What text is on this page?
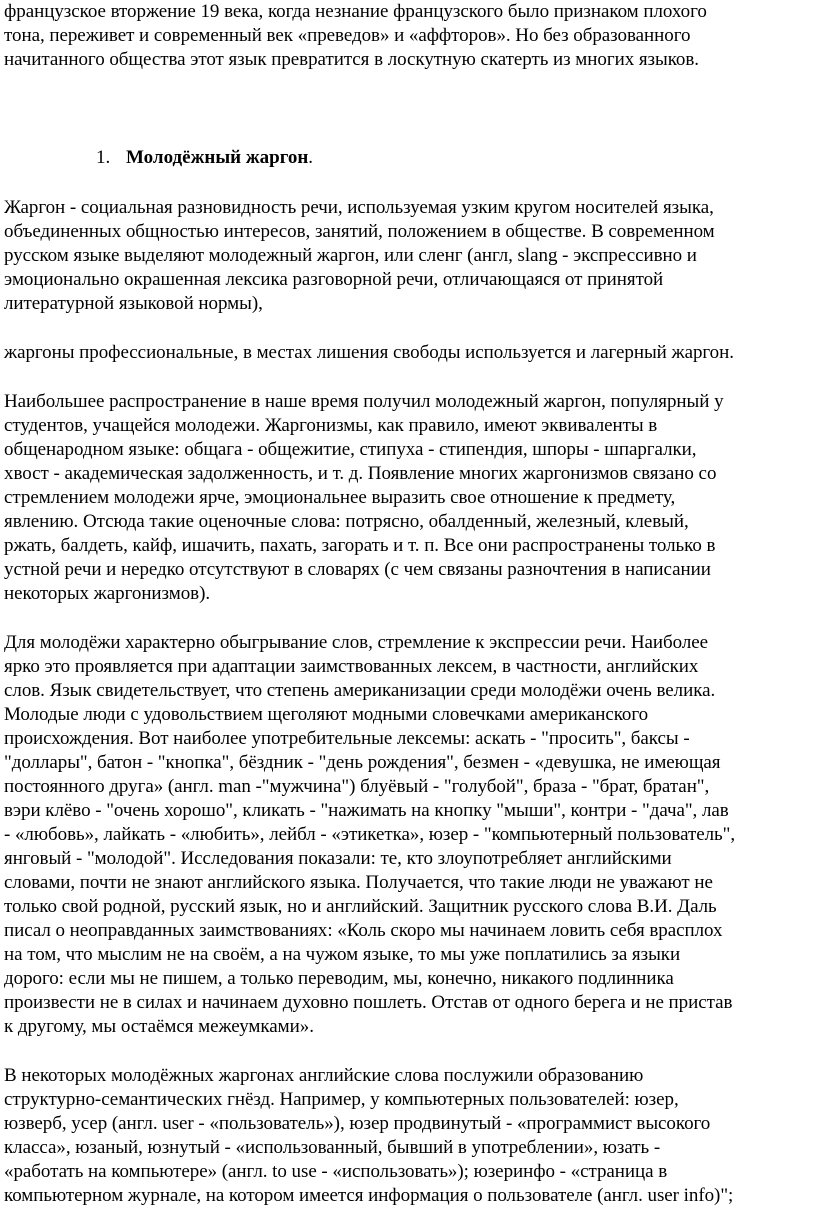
французское вторжение 19 века, когда незнание французского было признаком плохого
тона, переживет и современный век «преведов» и «аффторов». Но без образованного
начитанного общества этот язык превратится в лоскутную скатерть из многих языков.
1. Молодёжный жаргон.
Жаргон - социальная разновидность речи, используемая узким кругом носителей языка,
объединенных общностью интересов, занятий, положением в обществе. В современном
русском языке выделяют молодежный жаргон, или сленг (англ, slang - экспрессивно и
эмоционально окрашенная лексика разговорной речи, отличающаяся от принятой
литературной языковой нормы),
жаргоны профессиональные, в местах лишения свободы используется и лагерный жаргон.
Наибольшее распространение в наше время получил молодежный жаргон, популярный у
студентов, учащейся молодежи. Жаргонизмы, как правило, имеют эквиваленты в
общенародном языке: общага - общежитие, стипуха - стипендия, шпоры - шпаргалки,
хвост - академическая задолженность, и т. д. Появление многих жаргонизмов связано со
стремлением молодежи ярче, эмоциональнее выразить свое отношение к предмету,
явлению. Отсюда такие оценочные слова: потрясно, обалденный, железный, клевый,
ржать, балдеть, кайф, ишачить, пахать, загорать и т. п. Все они распространены только в
устной речи и нередко отсутствуют в словарях (с чем связаны разночтения в написании
некоторых жаргонизмов).
Для молодёжи характерно обыгрывание слов, стремление к экспрессии речи. Наиболее
ярко это проявляется при адаптации заимствованных лексем, в частности, английских
слов. Язык свидетельствует, что степень американизации среди молодёжи очень велика.
Молодые люди с удовольствием щеголяют модными словечками американского
происхождения. Вот наиболее употребительные лексемы: аскать - "просить", баксы -
"доллары", батон - "кнопка", бёздник - "день рождения", безмен - «девушка, не имеющая
постоянного друга» (англ. man -"мужчина") блуёвый - "голубой", браза - "брат, братан",
вэри клёво - "очень хорошо", кликать - "нажимать на кнопку "мыши", контри - "дача", лав
- «любовь», лайкать - «любить», лейбл - «этикетка», юзер - "компьютерный пользователь",
янговый - "молодой". Исследования показали: те, кто злоупотребляет английскими
словами, почти не знают английского языка. Получается, что такие люди не уважают не
только свой родной, русский язык, но и английский. Защитник русского слова В.И. Даль
писал о неоправданных заимствованиях: «Коль скоро мы начинаем ловить себя врасплох
на том, что мыслим не на своём, а на чужом языке, то мы уже поплатились за языки
дорого: если мы не пишем, а только переводим, мы, конечно, никакого подлинника
произвести не в силах и начинаем духовно пошлеть. Отстав от одного берега и не пристав
к другому, мы остаёмся межеумками».
В некоторых молодёжных жаргонах английские слова послужили образованию
структурно-семантических гнёзд. Например, у компьютерных пользователей: юзер,
юзверб, усер (англ. user - «пользователь»), юзер продвинутый - «программист высокого
класса», юзаный, юзнутый - «использованный, бывший в употреблении», юзать -
«работать на компьютере» (англ. to use - «использовать»); юзеринфо - «страница в
компьютерном журнале, на котором имеется информация о пользователе (англ. user info)";
